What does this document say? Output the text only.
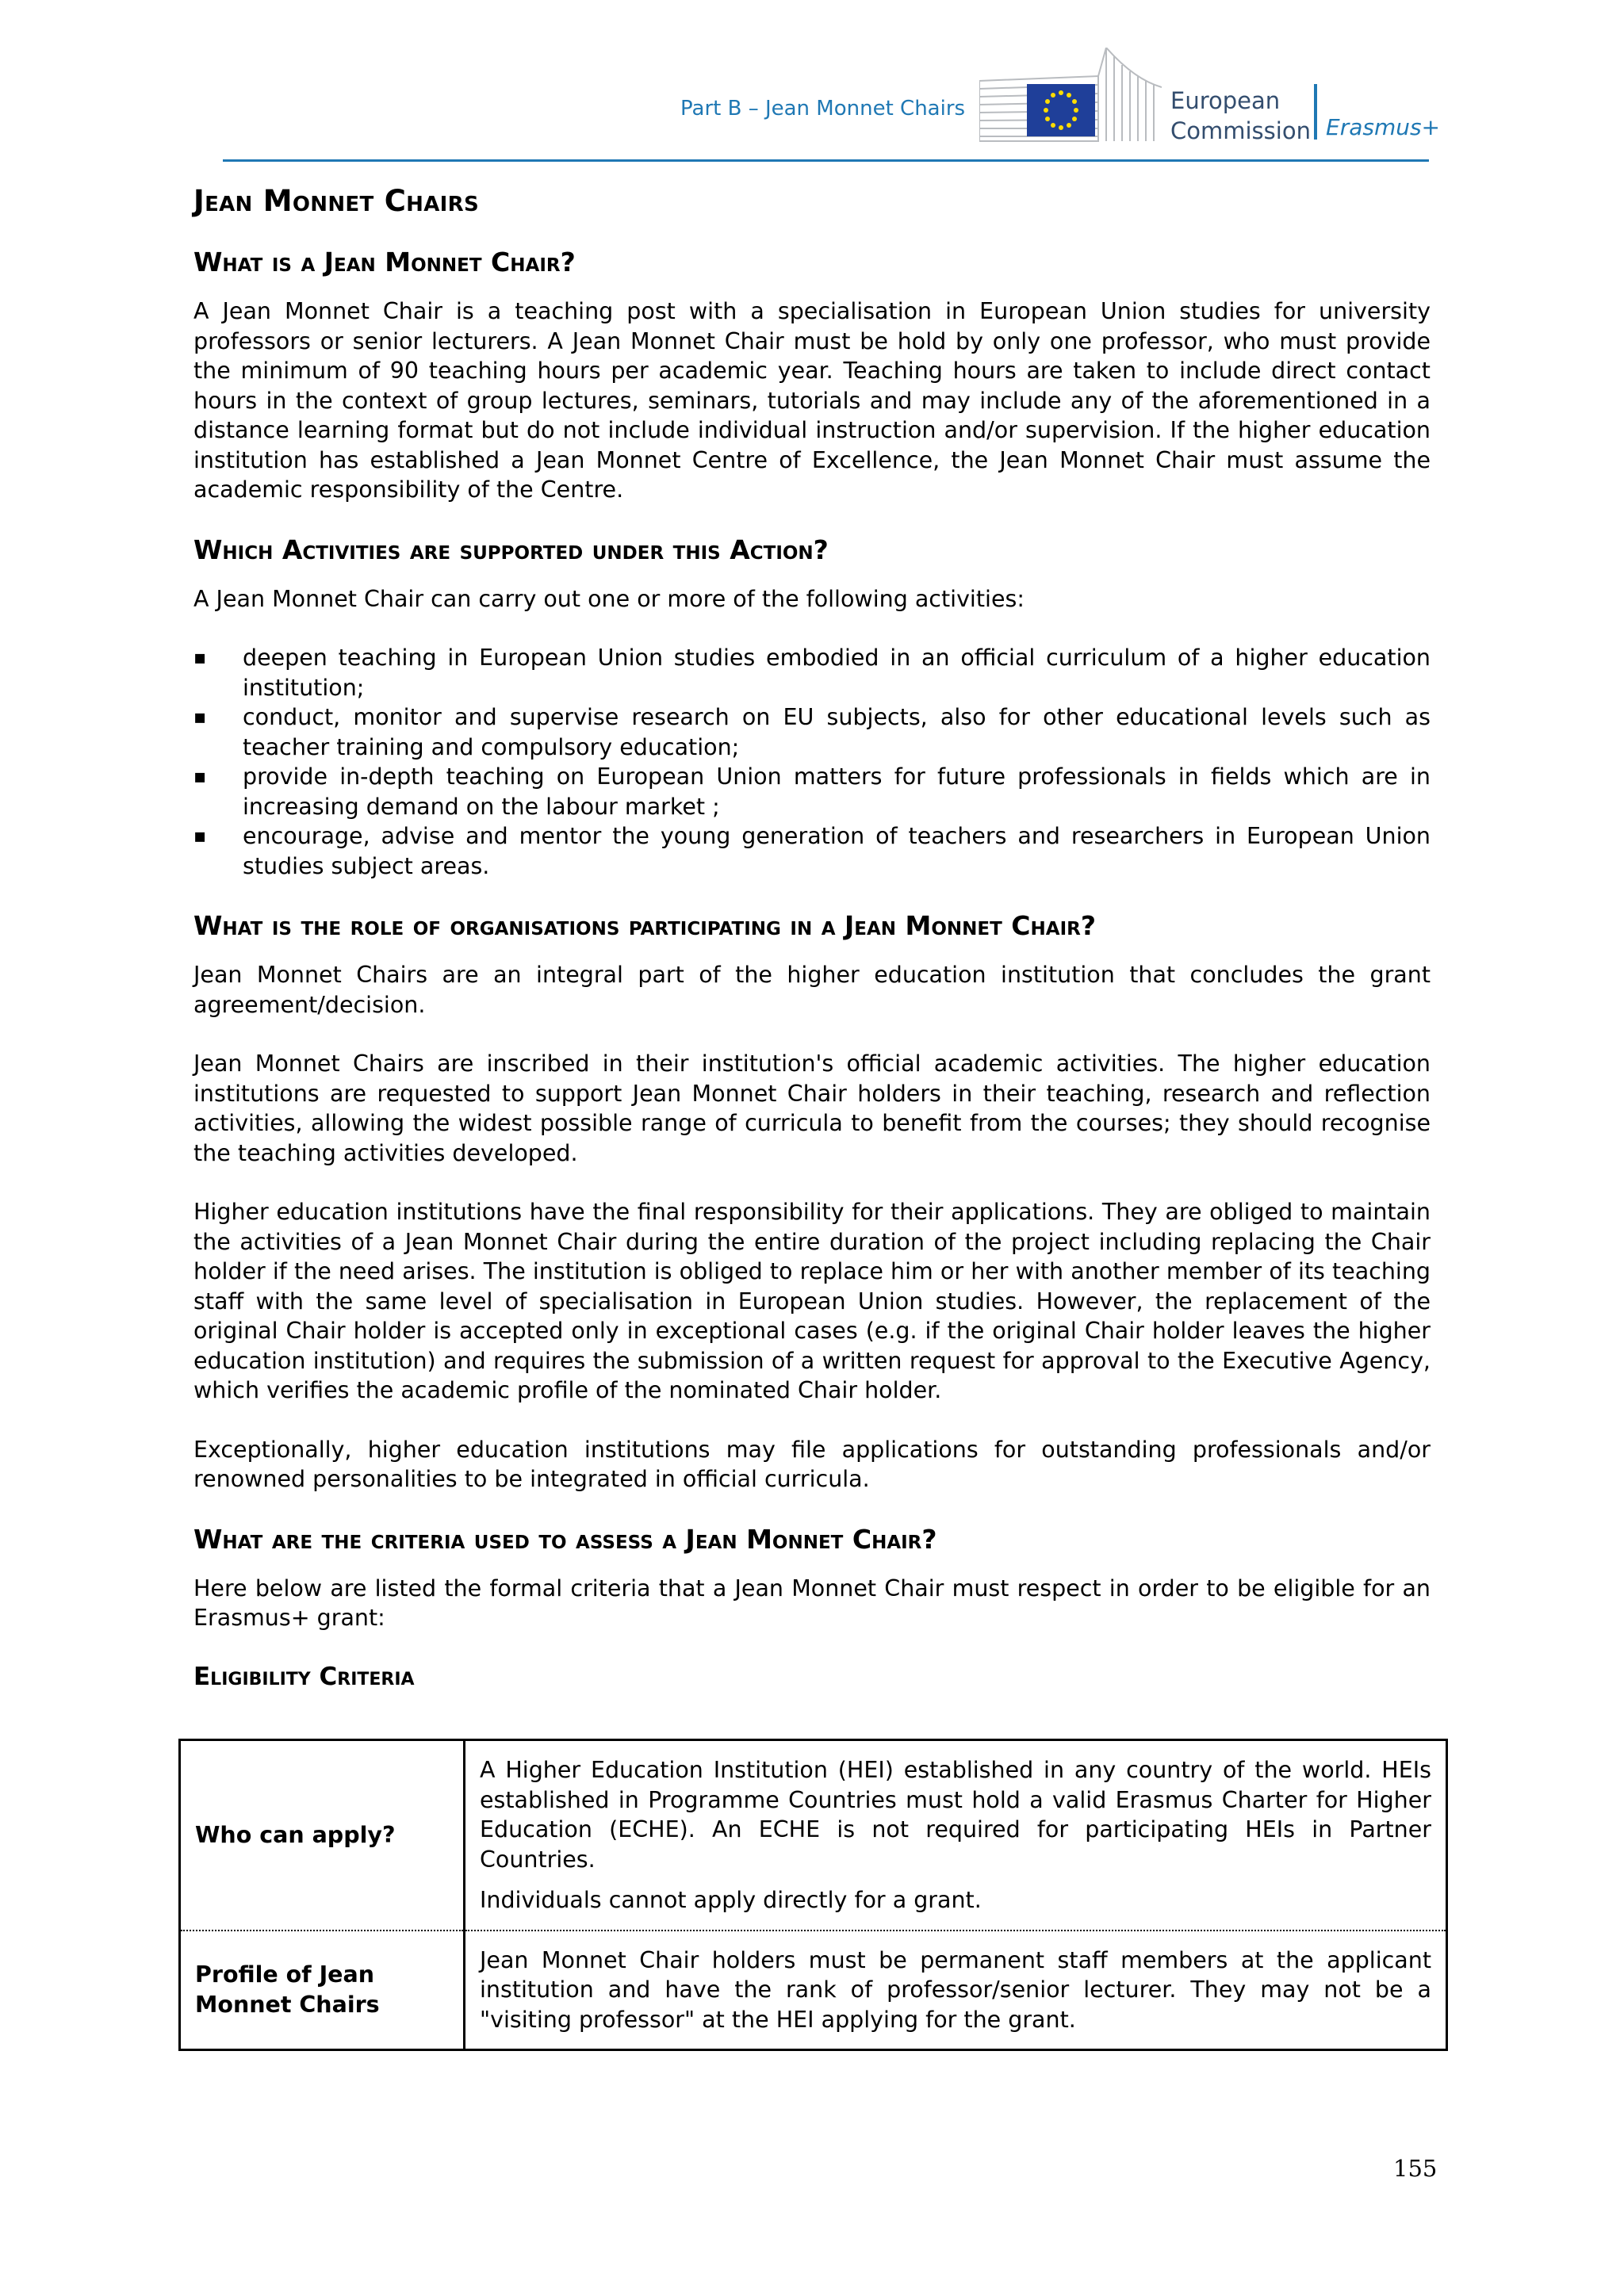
Part B – Jean Monnet Chairs	European
Commission Erasmus+
Jean Monnet Chairs
What is a Jean Monnet Chair?

A Jean Monnet Chair is a teaching post with a specialisation in European Union studies for university professors or senior lecturers. A Jean Monnet Chair must be hold by only one professor, who must provide the minimum of 90 teaching hours per academic year. Teaching hours are taken to include direct contact hours in the context of group lectures, seminars, tutorials and may include any of the aforementioned in a distance learning format but do not include individual instruction and/or supervision. If the higher education institution has established a Jean Monnet Centre of Excellence, the Jean Monnet Chair must assume the academic responsibility of the Centre.

Which Activities are supported under this Action?

A Jean Monnet Chair can carry out one or more of the following activities:

▪ deepen teaching in European Union studies embodied in an official curriculum of a higher education institution;
▪ conduct, monitor and supervise research on EU subjects, also for other educational levels such as teacher training and compulsory education;
▪ provide in-depth teaching on European Union matters for future professionals in fields which are in increasing demand on the labour market ;
▪ encourage, advise and mentor the young generation of teachers and researchers in European Union studies subject areas.
What is the role of organisations participating in a Jean Monnet Chair?

Jean Monnet Chairs are an integral part of the higher education institution that concludes the grant agreement/decision.

Jean Monnet Chairs are inscribed in their institution's official academic activities. The higher education institutions are requested to support Jean Monnet Chair holders in their teaching, research and reflection activities, allowing the widest possible range of curricula to benefit from the courses; they should recognise the teaching activities developed.

Higher education institutions have the final responsibility for their applications. They are obliged to maintain the activities of a Jean Monnet Chair during the entire duration of the project including replacing the Chair holder if the need arises. The institution is obliged to replace him or her with another member of its teaching staff with the same level of specialisation in European Union studies. However, the replacement of the original Chair holder is accepted only in exceptional cases (e.g. if the original Chair holder leaves the higher education institution) and requires the submission of a written request for approval to the Executive Agency, which verifies the academic profile of the nominated Chair holder.

Exceptionally, higher education institutions may file applications for outstanding professionals and/or renowned personalities to be integrated in official curricula.

What are the criteria used to assess a Jean Monnet Chair?

Here below are listed the formal criteria that a Jean Monnet Chair must respect in order to be eligible for an Erasmus+ grant:

Eligibility Criteria
Who can apply?	A Higher Education Institution (HEI) established in any country of the world. HEIs established in Programme Countries must hold a valid Erasmus Charter for Higher Education (ECHE). An ECHE is not required for participating HEIs in Partner Countries.

Individuals cannot apply directly for a grant.

Profile of Jean Monnet Chairs	Jean Monnet Chair holders must be permanent staff members at the applicant institution and have the rank of professor/senior lecturer. They may not be a "visiting professor" at the HEI applying for the grant.

155
